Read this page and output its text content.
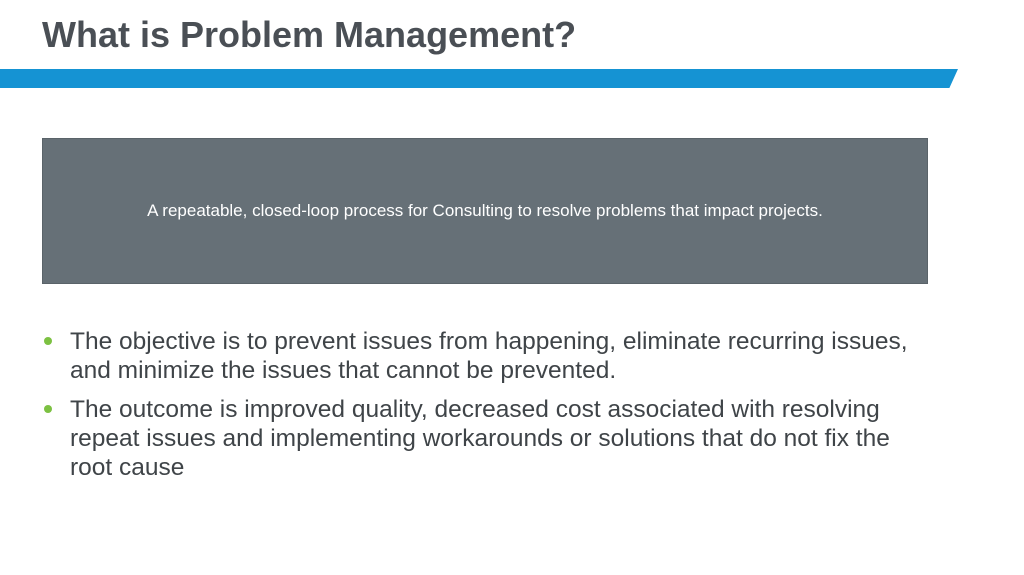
What is Problem Management?
A repeatable, closed-loop process for Consulting to resolve problems that impact projects.
The objective is to prevent issues from happening, eliminate recurring issues, and minimize the issues that cannot be prevented.
The outcome is improved quality, decreased cost associated with resolving repeat issues and implementing workarounds or solutions that do not fix the root cause
